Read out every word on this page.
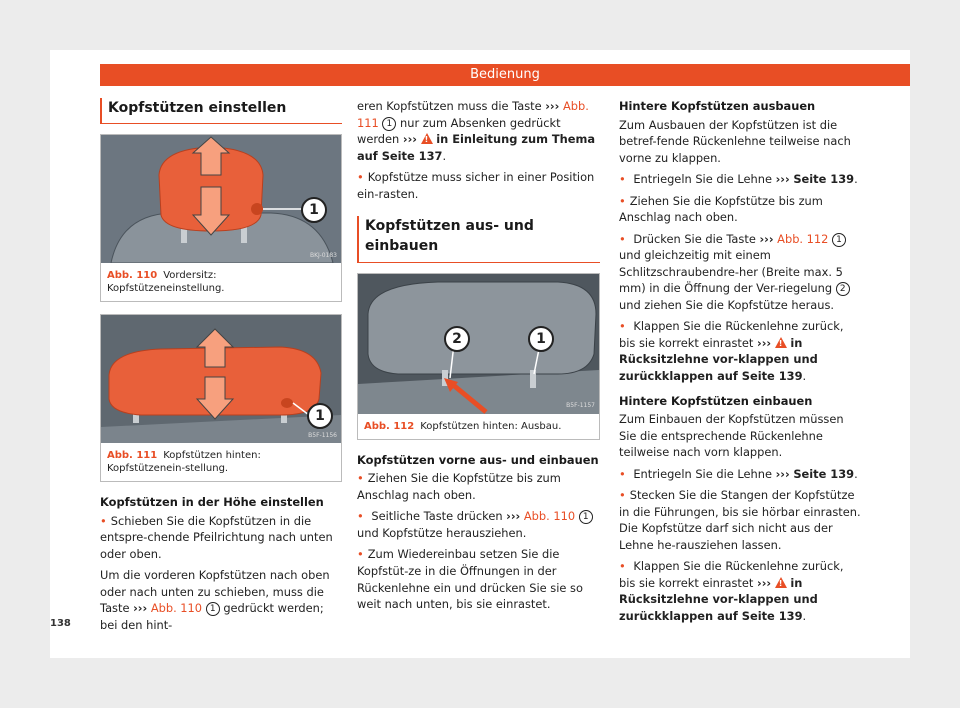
Bedienung
Kopfstützen einstellen
1
BKJ-0183
Abb. 110 Vordersitz: Kopfstützeneinstellung.
1
B5F-1156
Abb. 111 Kopfstützen hinten: Kopfstützenein-stellung.
Kopfstützen in der Höhe einstellen

• Schieben Sie die Kopfstützen in die entspre-chende Pfeilrichtung nach unten oder oben.

Um die vorderen Kopfstützen nach oben oder nach unten zu schieben, muss die Taste ››› Abb. 110 1 gedrückt werden; bei den hint-

eren Kopfstützen muss die Taste ››› Abb. 111 1 nur zum Absenken gedrückt werden ››› ! in Einleitung zum Thema auf Seite 137.

• Kopfstütze muss sicher in einer Position ein-rasten.

Kopfstützen aus- und einbauen
2	1
B5F-1157
Abb. 112 Kopfstützen hinten: Ausbau.
Kopfstützen vorne aus- und einbauen

• Ziehen Sie die Kopfstütze bis zum Anschlag nach oben.

• Seitliche Taste drücken ››› Abb. 110 1 und Kopfstütze herausziehen.

• Zum Wiedereinbau setzen Sie die Kopfstüt-ze in die Öffnungen in der Rückenlehne ein und drücken Sie sie so weit nach unten, bis sie einrastet.

Hintere Kopfstützen ausbauen

Zum Ausbauen der Kopfstützen ist die betref-fende Rückenlehne teilweise nach vorne zu klappen.

• Entriegeln Sie die Lehne ››› Seite 139.

• Ziehen Sie die Kopfstütze bis zum Anschlag nach oben.

• Drücken Sie die Taste ››› Abb. 112 1 und gleichzeitig mit einem Schlitzschraubendre-her (Breite max. 5 mm) in die Öffnung der Ver-riegelung 2 und ziehen Sie die Kopfstütze heraus.

• Klappen Sie die Rückenlehne zurück, bis sie korrekt einrastet ››› ! in Rücksitzlehne vor-klappen und zurückklappen auf Seite 139.

Hintere Kopfstützen einbauen

Zum Einbauen der Kopfstützen müssen Sie die entsprechende Rückenlehne teilweise nach vorn klappen.

• Entriegeln Sie die Lehne ››› Seite 139.

• Stecken Sie die Stangen der Kopfstütze in die Führungen, bis sie hörbar einrasten. Die Kopfstütze darf sich nicht aus der Lehne he-rausziehen lassen.

• Klappen Sie die Rückenlehne zurück, bis sie korrekt einrastet ››› ! in Rücksitzlehne vor-klappen und zurückklappen auf Seite 139.

138
